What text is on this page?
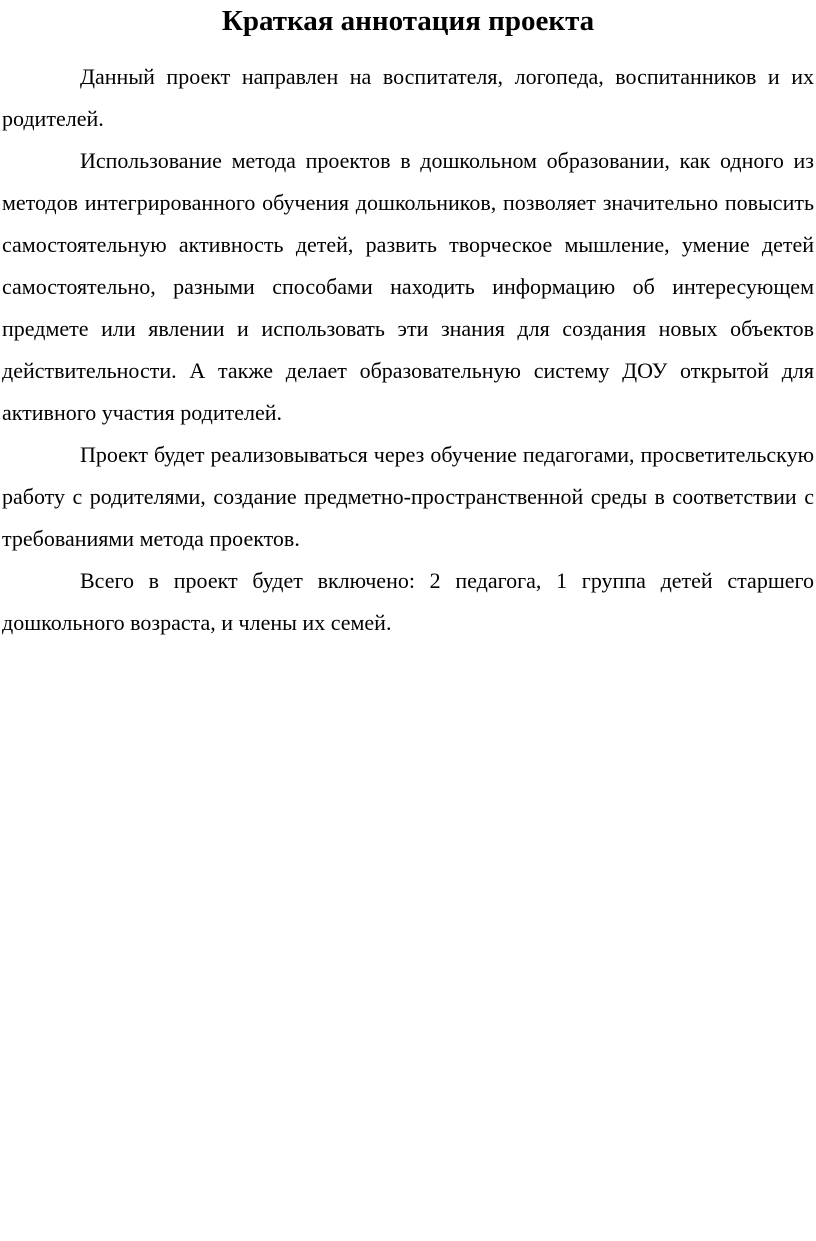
Краткая аннотация проекта

Данный проект направлен на воспитателя, логопеда, воспитанников и их родителей.

Использование метода проектов в дошкольном образовании, как одного из методов интегрированного обучения дошкольников, позволяет значительно повысить самостоятельную активность детей, развить творческое мышление, умение детей самостоятельно, разными способами находить информацию об интересующем предмете или явлении и использовать эти знания для создания новых объектов действительности. А также делает образовательную систему ДОУ открытой для активного участия родителей.

Проект будет реализовываться через обучение педагогами, просветительскую работу с родителями, создание предметно-пространственной среды в соответствии с требованиями метода проектов.

Всего в проект будет включено: 2 педагога, 1 группа детей старшего дошкольного возраста, и члены их семей.
